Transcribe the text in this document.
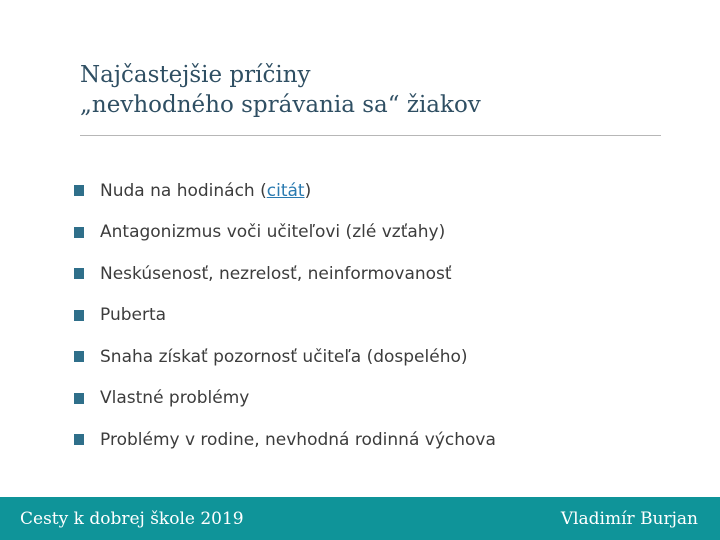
Najčastejšie príčiny
„nevhodného správania sa“ žiakov
Nuda na hodinách ( citát )
Antagonizmus voči učiteľovi (zlé vzťahy)
Neskúsenosť, nezrelosť, neinformovanosť
Puberta
Snaha získať pozornosť učiteľa (dospelého)
Vlastné problémy
Problémy v rodine, nevhodná rodinná výchova
Cesty k dobrej škole 2019	Vladimír Burjan
